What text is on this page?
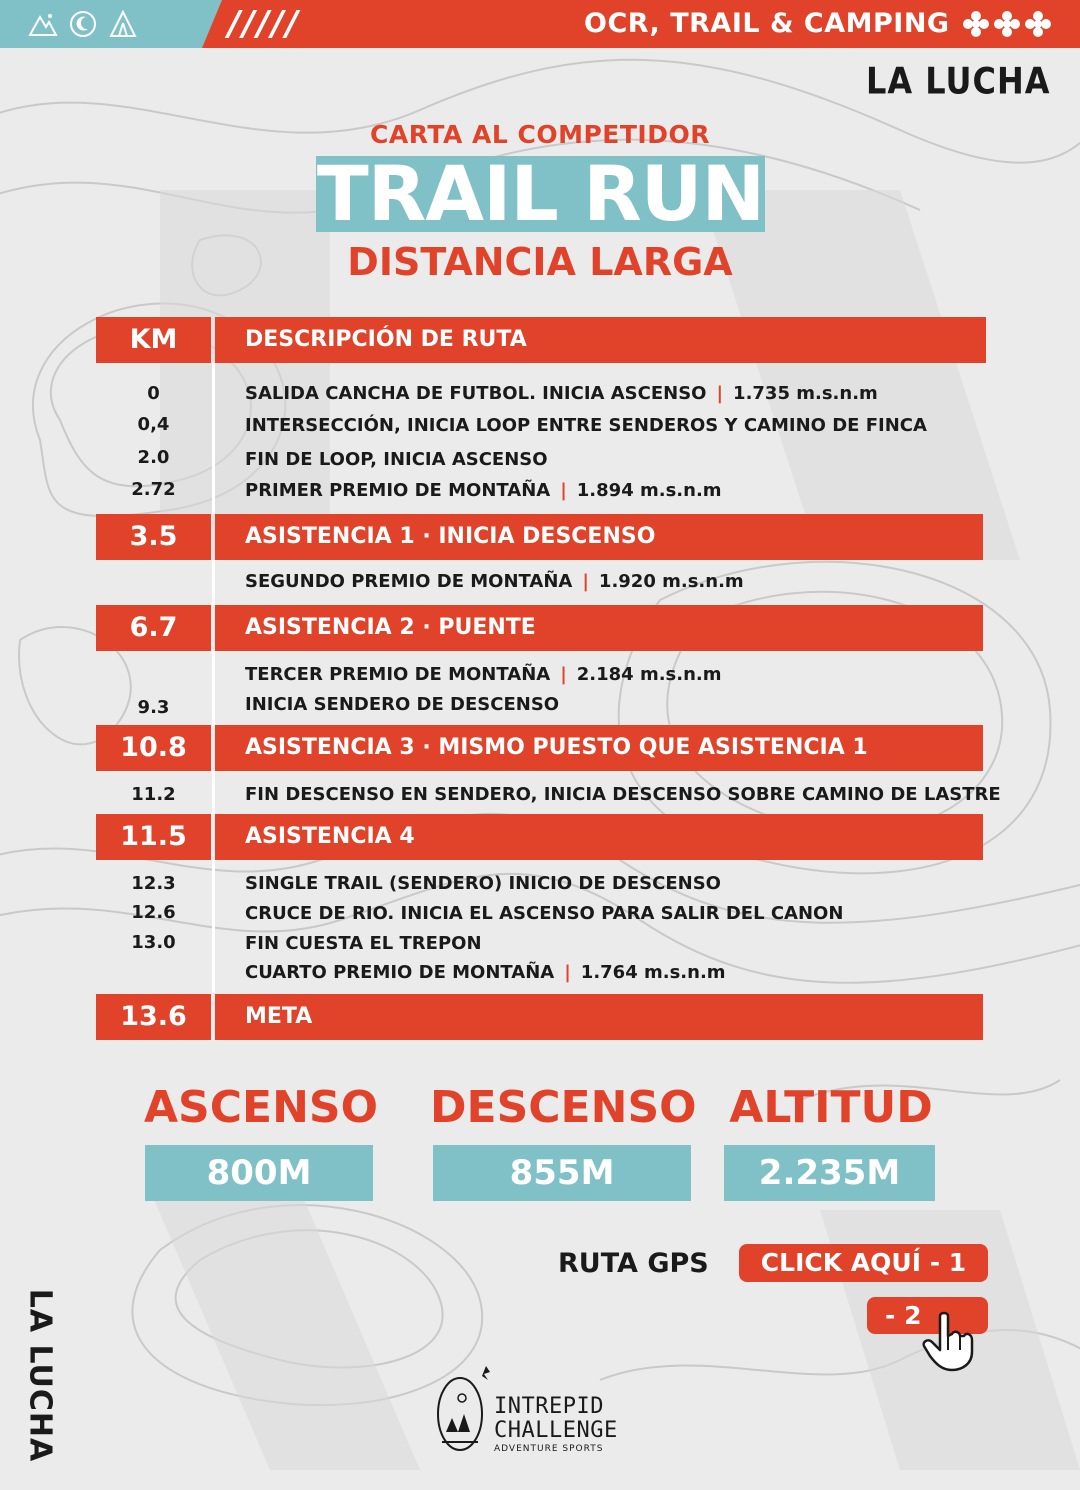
/////	OCR, TRAIL & CAMPING
LA LUCHA
CARTA AL COMPETIDOR
TRAIL RUN
DISTANCIA LARGA
KM	DESCRIPCIÓN DE RUTA
0	SALIDA CANCHA DE FUTBOL. INICIA ASCENSO | 1.735 m.s.n.m
0,4	INTERSECCIÓN, INICIA LOOP ENTRE SENDEROS Y CAMINO DE FINCA
2.0	FIN DE LOOP, INICIA ASCENSO
2.72	PRIMER PREMIO DE MONTAÑA | 1.894 m.s.n.m
3.5	ASISTENCIA 1 · INICIA DESCENSO
SEGUNDO PREMIO DE MONTAÑA | 1.920 m.s.n.m
6.7	ASISTENCIA 2 · PUENTE
TERCER PREMIO DE MONTAÑA | 2.184 m.s.n.m
9.3	INICIA SENDERO DE DESCENSO
10.8	ASISTENCIA 3 · MISMO PUESTO QUE ASISTENCIA 1
11.2	FIN DESCENSO EN SENDERO, INICIA DESCENSO SOBRE CAMINO DE LASTRE
11.5	ASISTENCIA 4
12.3	SINGLE TRAIL (SENDERO) INICIO DE DESCENSO
12.6	CRUCE DE RIO. INICIA EL ASCENSO PARA SALIR DEL CANON
13.0	FIN CUESTA EL TREPON
CUARTO PREMIO DE MONTAÑA | 1.764 m.s.n.m
13.6	META
ASCENSO
800M
DESCENSO
855M
ALTITUD
2.235M
RUTA GPS	CLICK AQUÍ - 1
- 2
LA LUCHA	INTREPID
CHALLENGE
ADVENTURE SPORTS
